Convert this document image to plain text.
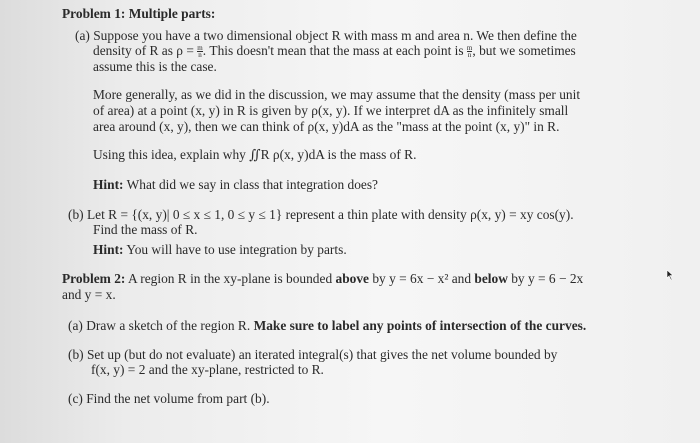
Problem 1: Multiple parts:
(a) Suppose you have a two dimensional object R with mass m and area n. We then define the
density of R as $\rho = \frac{m}{n}$ . This doesn't mean that the mass at each point is $\frac{m}{n}$ , but we sometimes
assume this is the case.
More generally, as we did in the discussion, we may assume that the density (mass per unit
of area) at a point (x, y) in R is given by ρ(x, y). If we interpret dA as the infinitely small
area around (x, y), then we can think of ρ(x, y)dA as the "mass at the point (x, y)" in R.
Using this idea, explain why ∬R ρ(x, y)dA is the mass of R.
Hint: What did we say in class that integration does?
(b) Let R = {(x, y)| 0 ≤ x ≤ 1, 0 ≤ y ≤ 1} represent a thin plate with density ρ(x, y) = xy cos(y).
Find the mass of R.
Hint: You will have to use integration by parts.
Problem 2: A region R in the xy-plane is bounded above by y = 6x − x² and below by y = 6 − 2x
and y = x.
(a) Draw a sketch of the region R. Make sure to label any points of intersection of the curves.
(b) Set up (but do not evaluate) an iterated integral(s) that gives the net volume bounded by
f(x, y) = 2 and the xy-plane, restricted to R.
(c) Find the net volume from part (b).
